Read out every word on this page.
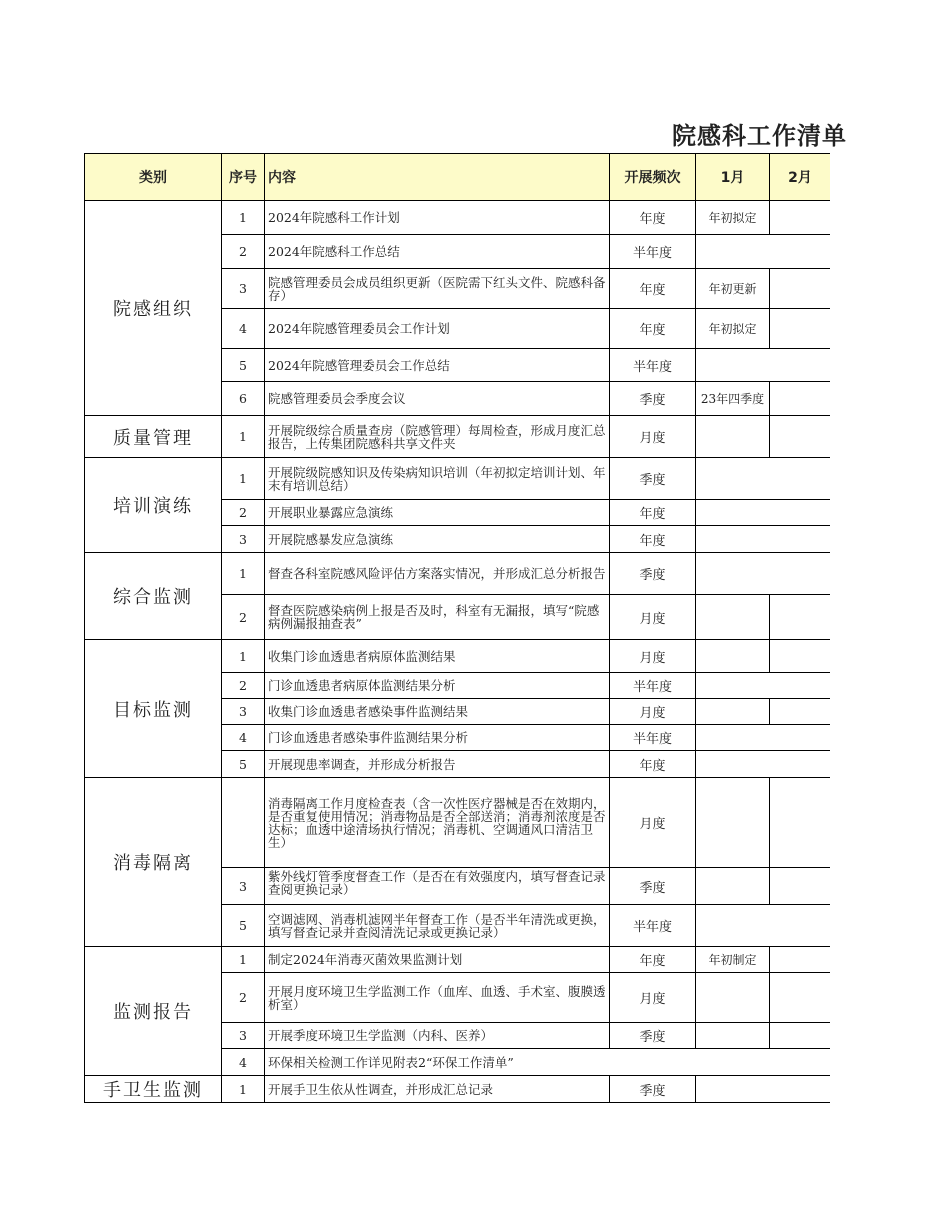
院感科工作清单
类别	序号	内容	开展频次	1月	2月
院感组织	1	2024年院感科工作计划	年度	年初拟定	
	2	2024年院感科工作总结	半年度		
	3	院感管理委员会成员组织更新（医院需下红头文件、院感科备存）	年度	年初更新	
	4	2024年院感管理委员会工作计划	年度	年初拟定	
	5	2024年院感管理委员会工作总结	半年度		
	6	院感管理委员会季度会议	季度	23年四季度	
质量管理	1	开展院级综合质量查房（院感管理）每周检查，形成月度汇总报告，上传集团院感科共享文件夹	月度		
培训演练	1	开展院级院感知识及传染病知识培训（年初拟定培训计划、年末有培训总结）	季度		
	2	开展职业暴露应急演练	年度		
	3	开展院感暴发应急演练	年度		
综合监测	1	督查各科室院感风险评估方案落实情况，并形成汇总分析报告	季度		
	2	督查医院感染病例上报是否及时，科室有无漏报，填写“院感病例漏报抽查表”	月度		
目标监测	1	收集门诊血透患者病原体监测结果	月度		
	2	门诊血透患者病原体监测结果分析	半年度		
	3	收集门诊血透患者感染事件监测结果	月度		
	4	门诊血透患者感染事件监测结果分析	半年度		
	5	开展现患率调查，并形成分析报告	年度		
消毒隔离		消毒隔离工作月度检查表（含一次性医疗器械是否在效期内，是否重复使用情况；消毒物品是否全部送消；消毒剂浓度是否达标；血透中途清场执行情况；消毒机、空调通风口清洁卫生）	月度		
	3	紫外线灯管季度督查工作（是否在有效强度内，填写督查记录查阅更换记录）	季度		
	5	空调滤网、消毒机滤网半年督查工作（是否半年清洗或更换，填写督查记录并查阅清洗记录或更换记录）	半年度		
监测报告	1	制定2024年消毒灭菌效果监测计划	年度	年初制定	
	2	开展月度环境卫生学监测工作（血库、血透、手术室、腹膜透析室）	月度		
	3	开展季度环境卫生学监测（内科、医养）	季度		
	4	环保相关检测工作详见附表2“环保工作清单”			
手卫生监测	1	开展手卫生依从性调查，并形成汇总记录	季度		
